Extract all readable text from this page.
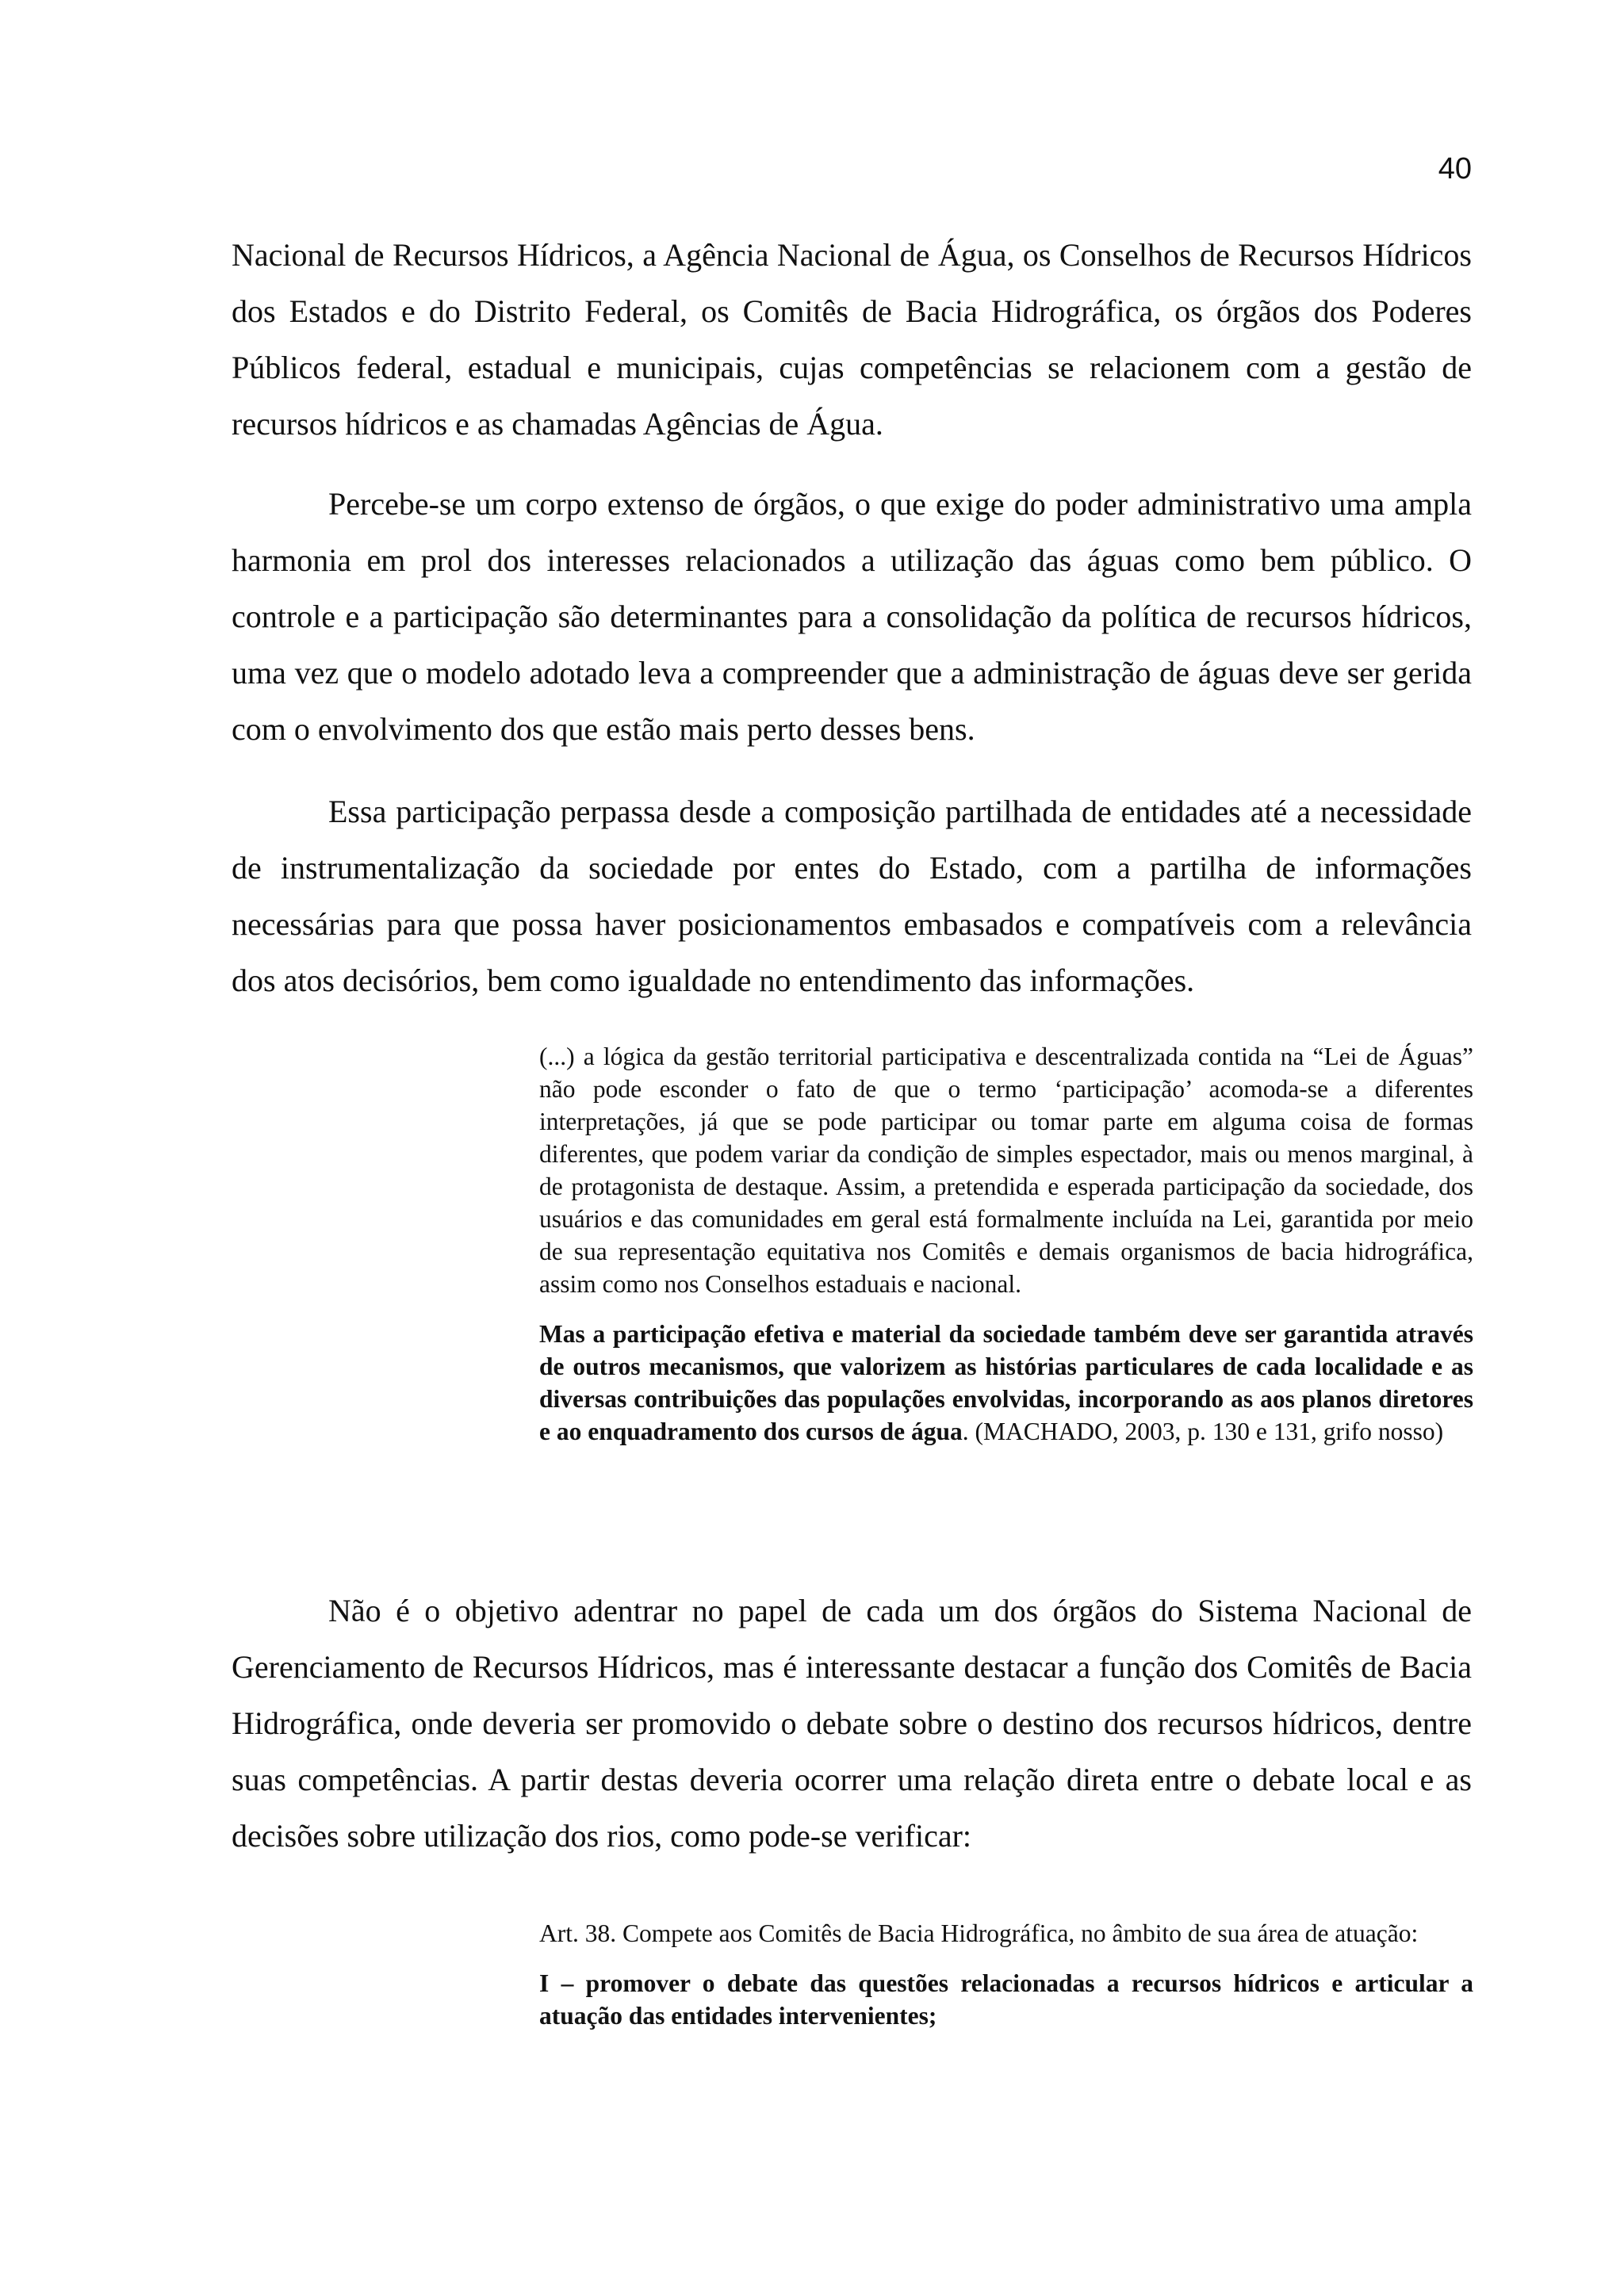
40

Nacional de Recursos Hídricos, a Agência Nacional de Água, os Conselhos de Recursos Hídricos dos Estados e do Distrito Federal, os Comitês de Bacia Hidrográfica, os órgãos dos Poderes Públicos federal, estadual e municipais, cujas competências se relacionem com a gestão de recursos hídricos e as chamadas Agências de Água.

Percebe-se um corpo extenso de órgãos, o que exige do poder administrativo uma ampla harmonia em prol dos interesses relacionados a utilização das águas como bem público. O controle e a participação são determinantes para a consolidação da política de recursos hídricos, uma vez que o modelo adotado leva a compreender que a administração de águas deve ser gerida com o envolvimento dos que estão mais perto desses bens.

Essa participação perpassa desde a composição partilhada de entidades até a necessidade de instrumentalização da sociedade por entes do Estado, com a partilha de informações necessárias para que possa haver posicionamentos embasados e compatíveis com a relevância dos atos decisórios, bem como igualdade no entendimento das informações.

(...) a lógica da gestão territorial participativa e descentralizada contida na “Lei de Águas” não pode esconder o fato de que o termo ‘participação’ acomoda-se a diferentes interpretações, já que se pode participar ou tomar parte em alguma coisa de formas diferentes, que podem variar da condição de simples espectador, mais ou menos marginal, à de protagonista de destaque. Assim, a pretendida e esperada participação da sociedade, dos usuários e das comunidades em geral está formalmente incluída na Lei, garantida por meio de sua representação equitativa nos Comitês e demais organismos de bacia hidrográfica, assim como nos Conselhos estaduais e nacional.

Mas a participação efetiva e material da sociedade também deve ser garantida através de outros mecanismos, que valorizem as histórias particulares de cada localidade e as diversas contribuições das populações envolvidas, incorporando as aos planos diretores e ao enquadramento dos cursos de água. (MACHADO, 2003, p. 130 e 131, grifo nosso)

Não é o objetivo adentrar no papel de cada um dos órgãos do Sistema Nacional de Gerenciamento de Recursos Hídricos, mas é interessante destacar a função dos Comitês de Bacia Hidrográfica, onde deveria ser promovido o debate sobre o destino dos recursos hídricos, dentre suas competências. A partir destas deveria ocorrer uma relação direta entre o debate local e as decisões sobre utilização dos rios, como pode-se verificar:

Art. 38. Compete aos Comitês de Bacia Hidrográfica, no âmbito de sua área de atuação:

I – promover o debate das questões relacionadas a recursos hídricos e articular a atuação das entidades intervenientes;
